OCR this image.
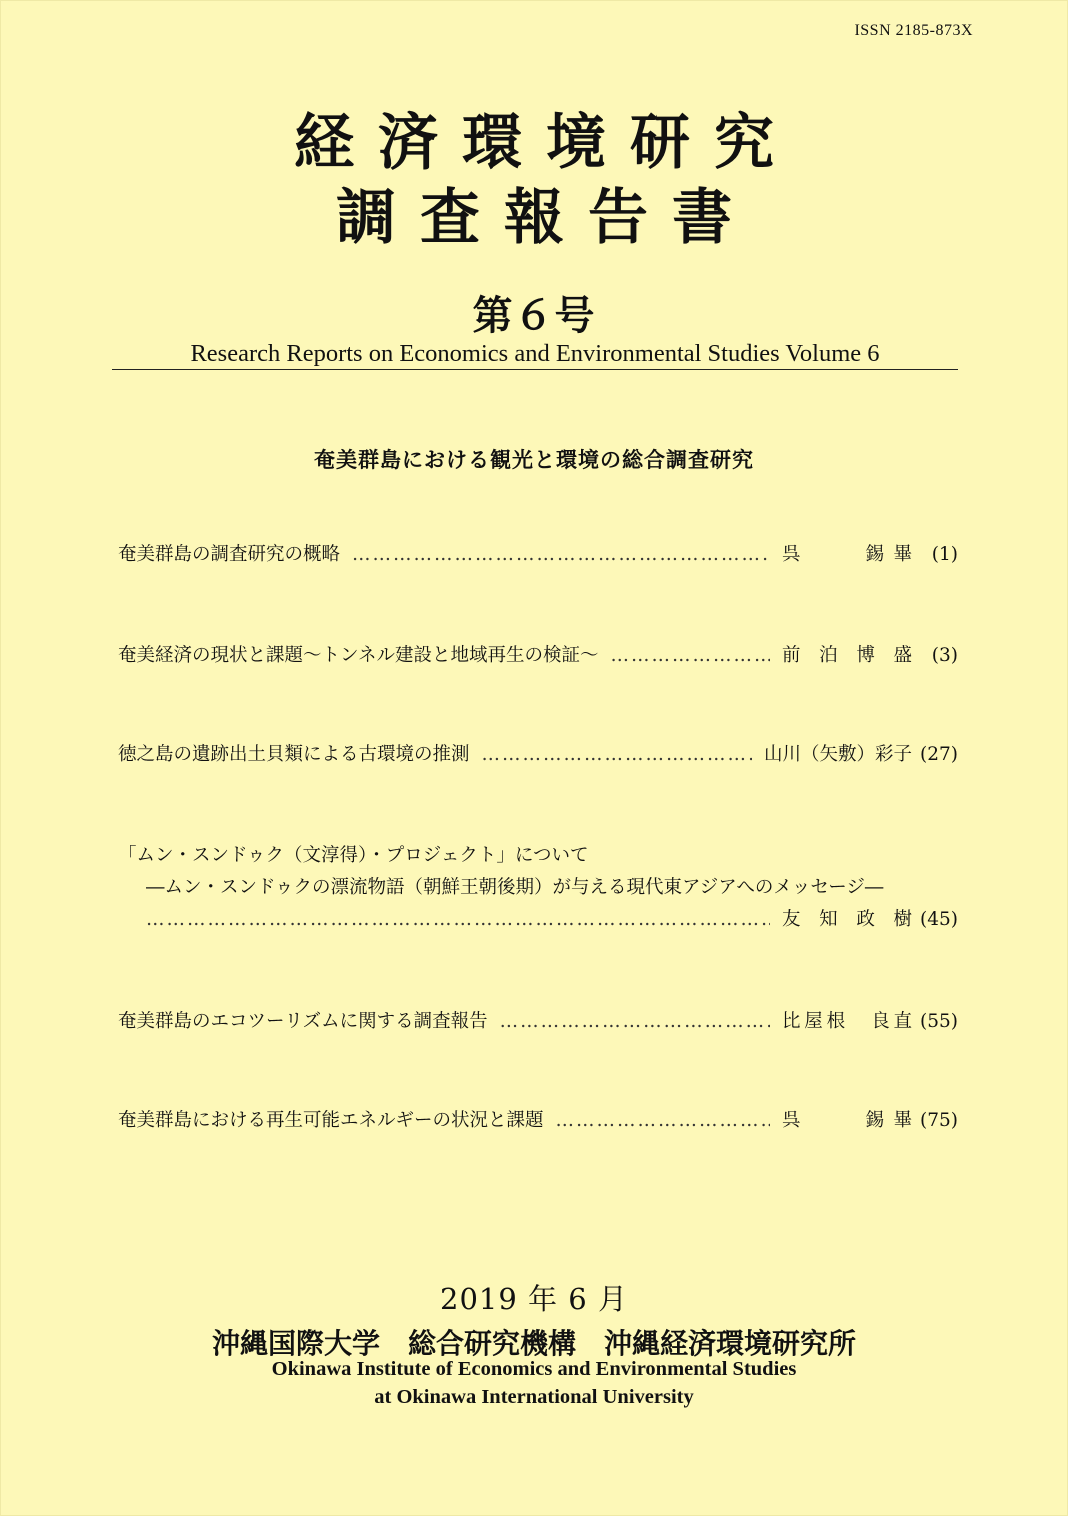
ISSN 2185-873X
経済環境研究
調査報告書
第６号
Research Reports on Economics and Environmental Studies Volume 6
奄美群島における観光と環境の総合調査研究
奄美群島の調査研究の概略 …………………………………………………………………………………………………………………………………………………………	呉　　錫畢	(1)
奄美経済の現状と課題～トンネル建設と地域再生の検証～ …………………………………………………………………………………………………………………………………………………………	前泊博盛	(3)
徳之島の遺跡出土貝類による古環境の推測 …………………………………………………………………………………………………………………………………………………………	山川（矢敷）彩子 (27)
「ムン・スンドゥク（文淳得）・プロジェクト」について
―ムン・スンドゥクの漂流物語（朝鮮王朝後期）が与える現代東アジアへのメッセージ―
…………………………………………………………………………………………………………………………………………………………
友知政樹 (45)
奄美群島のエコツーリズムに関する調査報告 …………………………………………………………………………………………………………………………………………………………	比屋根　良直 (55)
奄美群島における再生可能エネルギーの状況と課題 …………………………………………………………………………………………………………………………………………………………	呉　　錫畢 (75)
2019 年 6 月
沖縄国際大学　総合研究機構　沖縄経済環境研究所
Okinawa Institute of Economics and Environmental Studies
at Okinawa International University
